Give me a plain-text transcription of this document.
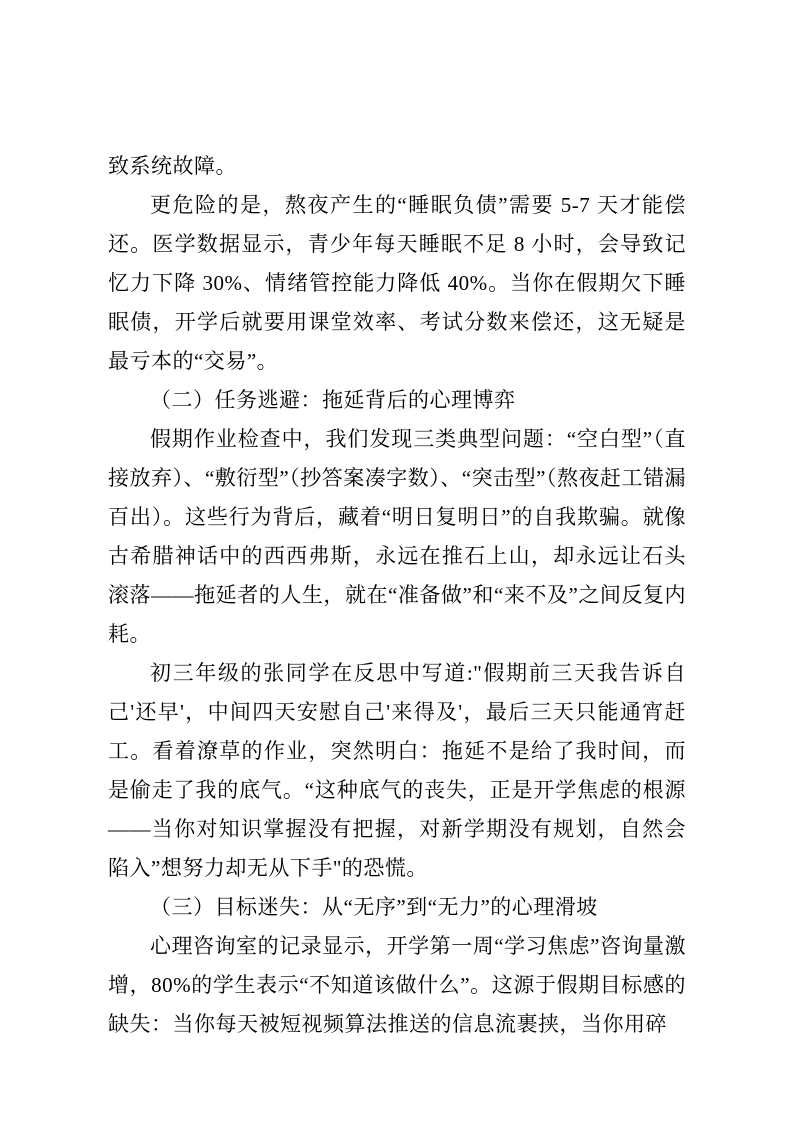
致系统故障。

更危险的是，熬夜产生的“睡眠负债”需要 5-7 天才能偿还。医学数据显示，青少年每天睡眠不足 8 小时，会导致记忆力下降 30%、情绪管控能力降低 40%。当你在假期欠下睡眠债，开学后就要用课堂效率、考试分数来偿还，这无疑是最亏本的“交易”。

（二）任务逃避：拖延背后的心理博弈

假期作业检查中，我们发现三类典型问题：“空白型”（直接放弃）、“敷衍型”（抄答案凑字数）、“突击型”（熬夜赶工错漏百出）。这些行为背后，藏着“明日复明日”的自我欺骗。就像古希腊神话中的西西弗斯，永远在推石上山，却永远让石头滚落——拖延者的人生，就在“准备做”和“来不及”之间反复内耗。

初三年级的张同学在反思中写道:"假期前三天我告诉自己'还早'，中间四天安慰自己'来得及'，最后三天只能通宵赶工。看着潦草的作业，突然明白：拖延不是给了我时间，而是偷走了我的底气。“这种底气的丧失，正是开学焦虑的根源——当你对知识掌握没有把握，对新学期没有规划，自然会陷入”想努力却无从下手"的恐慌。

（三）目标迷失：从“无序”到“无力”的心理滑坡

心理咨询室的记录显示，开学第一周“学习焦虑”咨询量激增，80%的学生表示“不知道该做什么”。这源于假期目标感的缺失：当你每天被短视频算法推送的信息流裹挟，当你用碎
